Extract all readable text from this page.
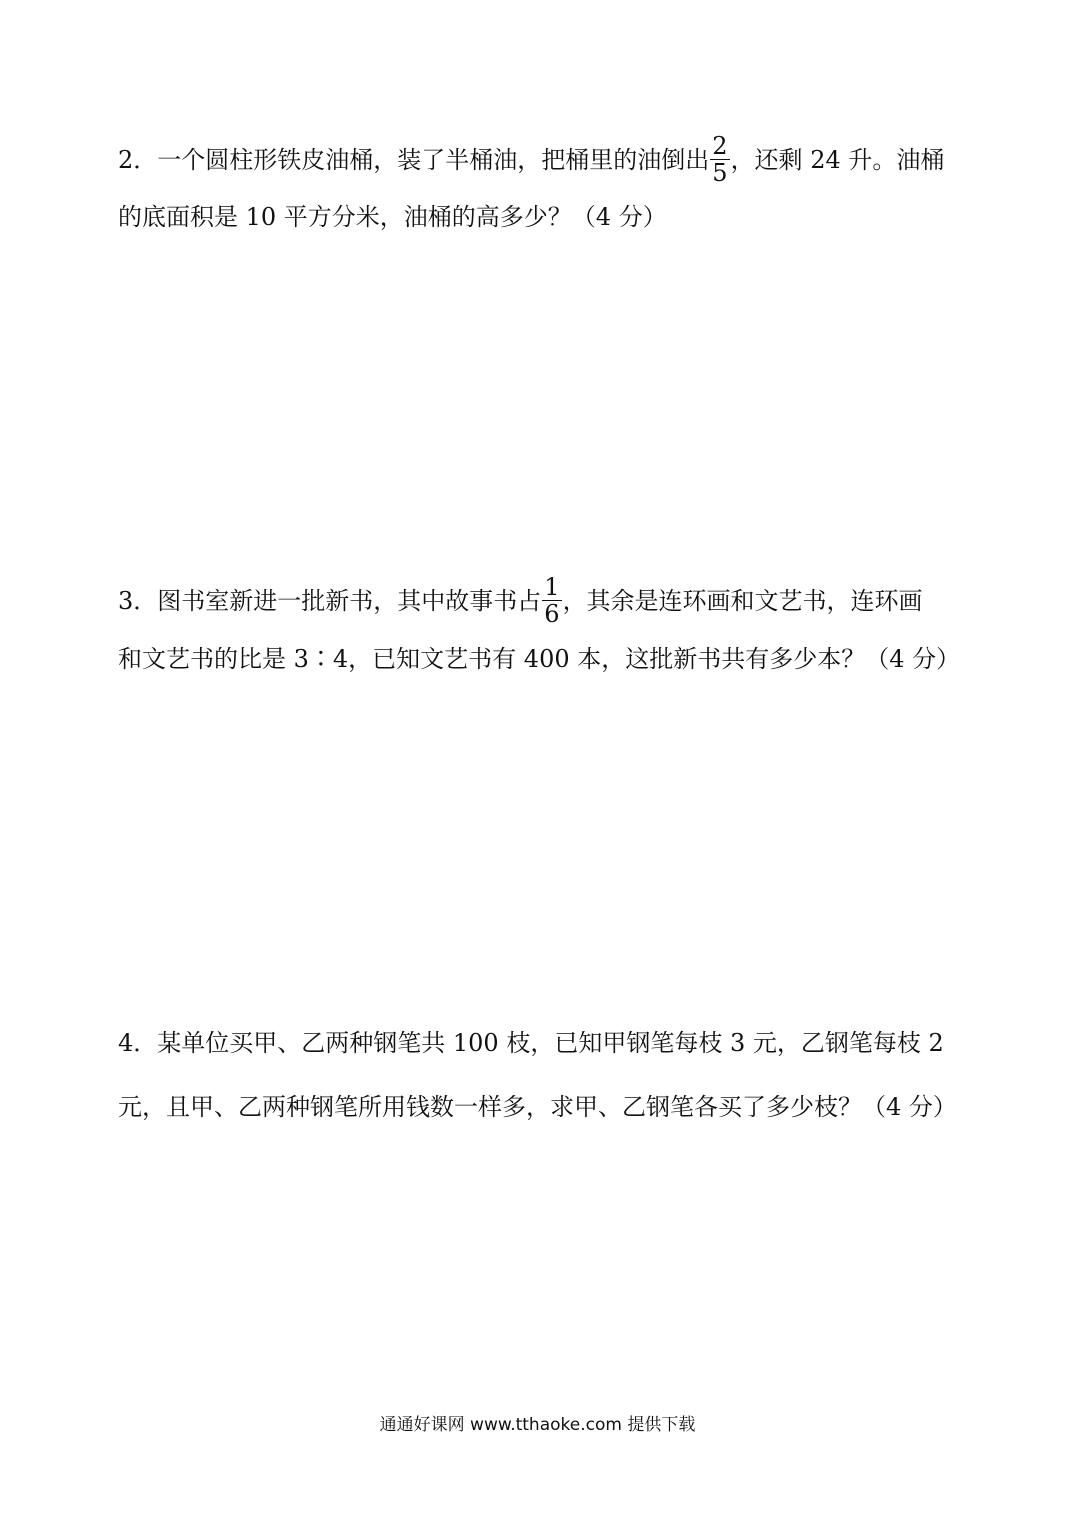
2．一个圆柱形铁皮油桶，装了半桶油，把桶里的油倒出 $\frac{2}{5}$ ，还剩 24 升。油桶
的底面积是 10 平方分米，油桶的高多少？（4 分）
3．图书室新进一批新书，其中故事书占 $\frac{1}{6}$ ，其余是连环画和文艺书，连环画
和文艺书的比是 3∶4，已知文艺书有 400 本，这批新书共有多少本？（4 分）
4．某单位买甲、乙两种钢笔共 100 枝，已知甲钢笔每枝 3 元，乙钢笔每枝 2
元，且甲、乙两种钢笔所用钱数一样多，求甲、乙钢笔各买了多少枝？（4 分）
通通好课网 www.tthaoke.com 提供下载
